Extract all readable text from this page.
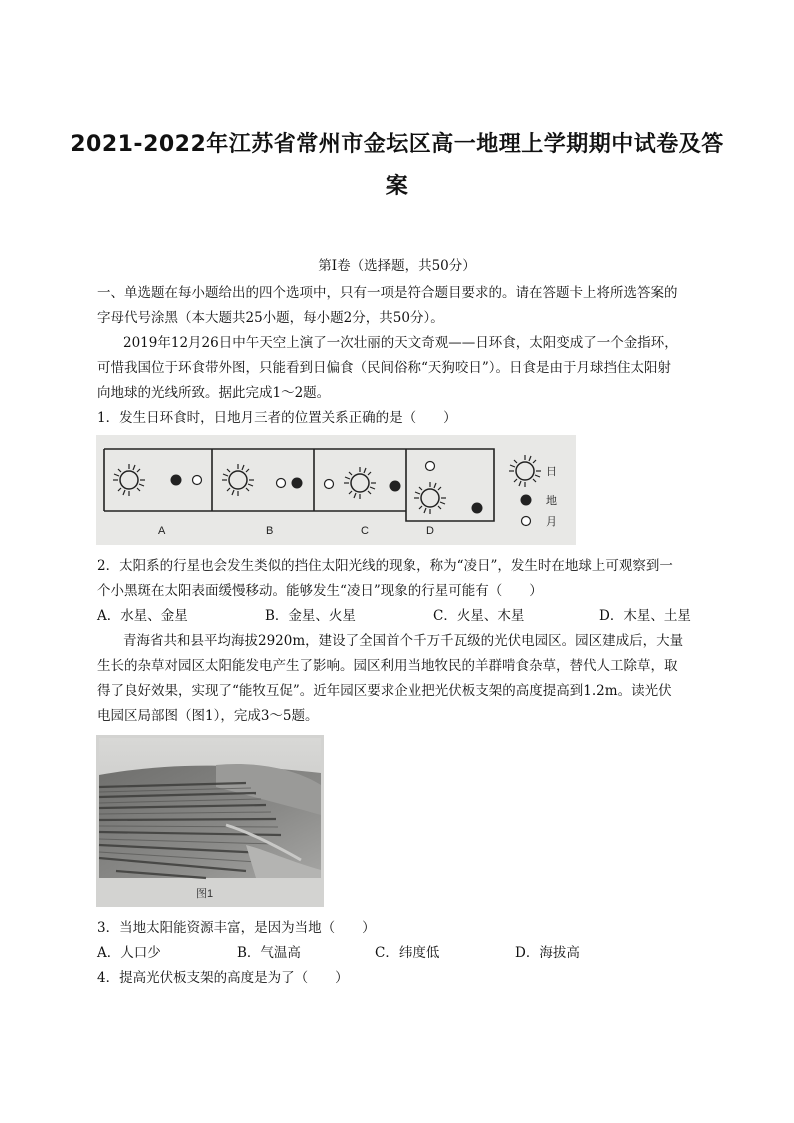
2021-2022年江苏省常州市金坛区高一地理上学期期中试卷及答
案
第Ⅰ卷（选择题，共50分）
一、单选题在每小题给出的四个选项中，只有一项是符合题目要求的。请在答题卡上将所选答案的
字母代号涂黑（本大题共25小题，每小题2分，共50分）。
2019年12月26日中午天空上演了一次壮丽的天文奇观——日环食，太阳变成了一个金指环，
可惜我国位于环食带外图，只能看到日偏食（民间俗称“天狗咬日”）。日食是由于月球挡住太阳射
向地球的光线所致。据此完成1～2题。
1．发生日环食时，日地月三者的位置关系正确的是（　　）
A	B	C	D
日
地
月
2．太阳系的行星也会发生类似的挡住太阳光线的现象，称为“凌日”，发生时在地球上可观察到一
个小黑斑在太阳表面缓慢移动。能够发生“凌日”现象的行星可能有（　　）
A．水星、金星	B．金星、火星	C．火星、木星	D．木星、土星
青海省共和县平均海拔2920m，建设了全国首个千万千瓦级的光伏电园区。园区建成后，大量
生长的杂草对园区太阳能发电产生了影响。园区利用当地牧民的羊群啃食杂草，替代人工除草，取
得了良好效果，实现了“能牧互促”。近年园区要求企业把光伏板支架的高度提高到1.2m。读光伏
电园区局部图（图1），完成3～5题。
图1
3．当地太阳能资源丰富，是因为当地（　　）
A．人口少	B．气温高	C．纬度低	D．海拔高
4．提高光伏板支架的高度是为了（　　）
